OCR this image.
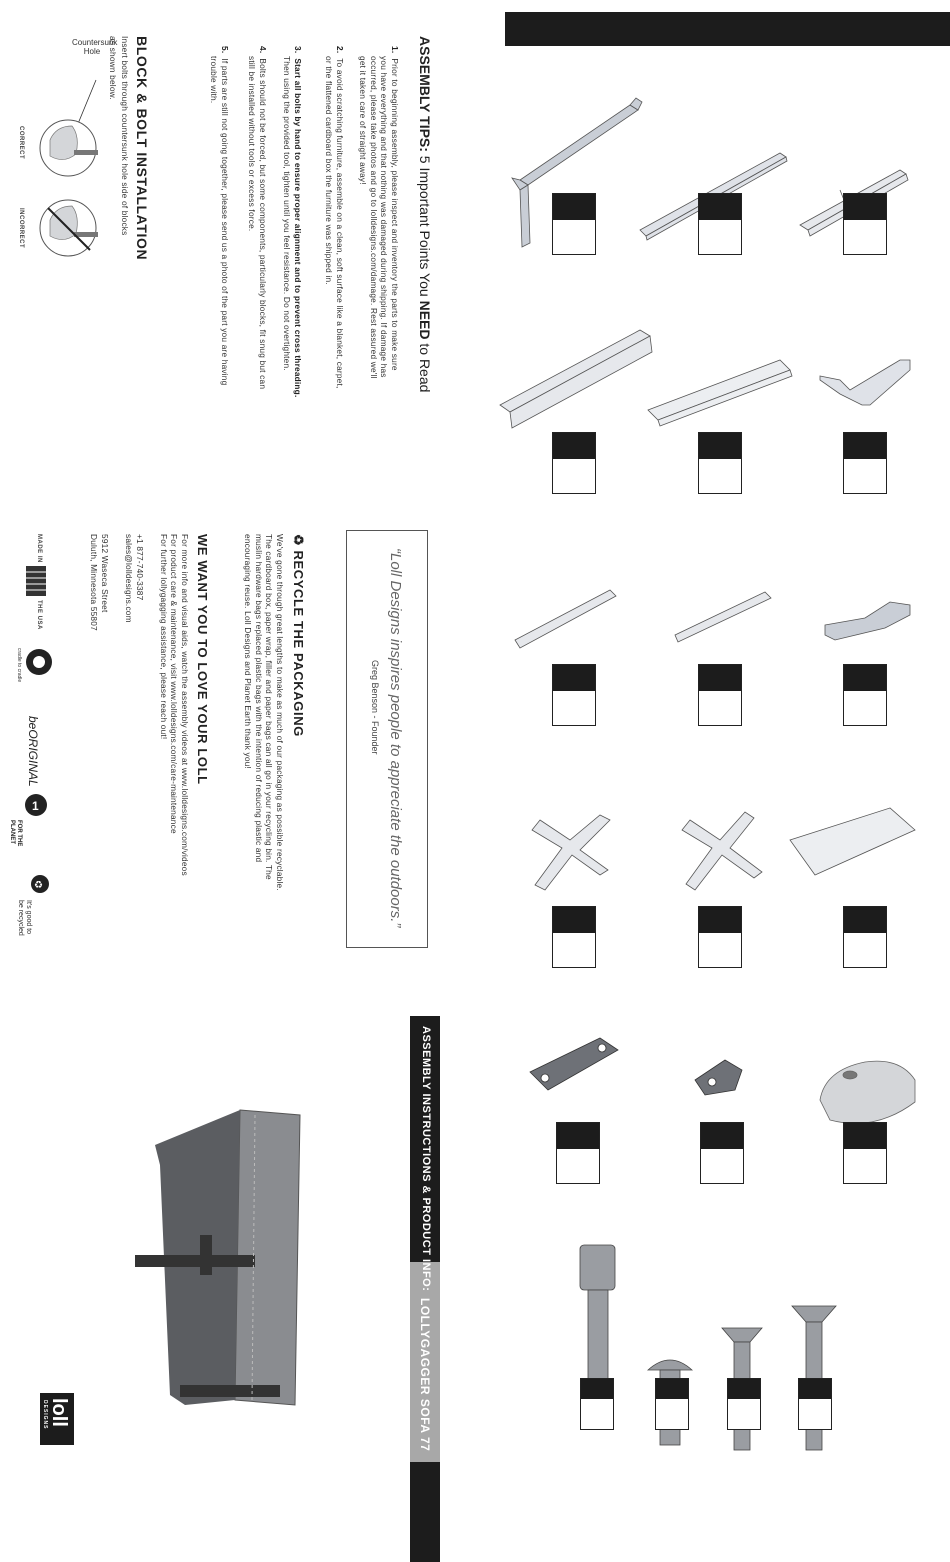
ASSEMBLY INSTRUCTIONS & PRODUCT INFO:
LOLLYGAGGER SOFA 77
“Loll Designs inspires people to appreciate the outdoors.”
Greg Benson - Founder
ASSEMBLY TIPS: 5 Important Points You NEED to Read
1.  Prior to beginning assembly, please inspect and inventory the parts to make sure
you have everything and that nothing was damaged during shipping. If damage has
occurred, please take photos and go to lolldesigns.com/damage. Rest assured we'll
get it taken care of straight away!
2.  To avoid scratching furniture, assemble on a clean, soft surface like a blanket, carpet,
or the flattened cardboard box the furniture was shipped in.
3.  Start all bolts by hand to ensure proper alignment and to prevent cross threading.
Then using the provided tool, tighten until you feel resistance. Do not overtighten.
4.  Bolts should not be forced, but some components, particularly blocks, fit snug but can
still be installed without tools or excess force.
5.  If parts are still not going together, please send us a photo of the part you are having
trouble with.
BLOCK & BOLT INSTALLATION
Insert bolts through countersunk hole side of blocks
as shown below.
Countersunk
Hole
CORRECT
INCORRECT
♻ RECYCLE THE PACKAGING
We've gone through great lengths to make as much of our packaging as possible recyclable.
The cardboard box, paper wrap, filler and paper bags can all go in your recycling bin. The
muslin hardware bags replaced plastic bags with the intention of reducing plastic and
encouraging reuse. Loll Designs and Planet Earth thank you!
WE WANT YOU TO LOVE YOUR LOLL
For more info and visual aids, watch the assembly videos at www.lolldesigns.com/videos
For product care & maintenance, visit www.lolldesigns.com/care-maintenance
For further lollygagging assistance, please reach out!
+1 877-740-3387
sales@lolldesigns.com
5912 Waseca Street
Duluth, Minnesota 55807
MADE IN
THE USA
cradle to cradle
beORIGINAL
1
FOR THE
PLANET
♻
It's good to
be recycled
loll
DESIGNS
